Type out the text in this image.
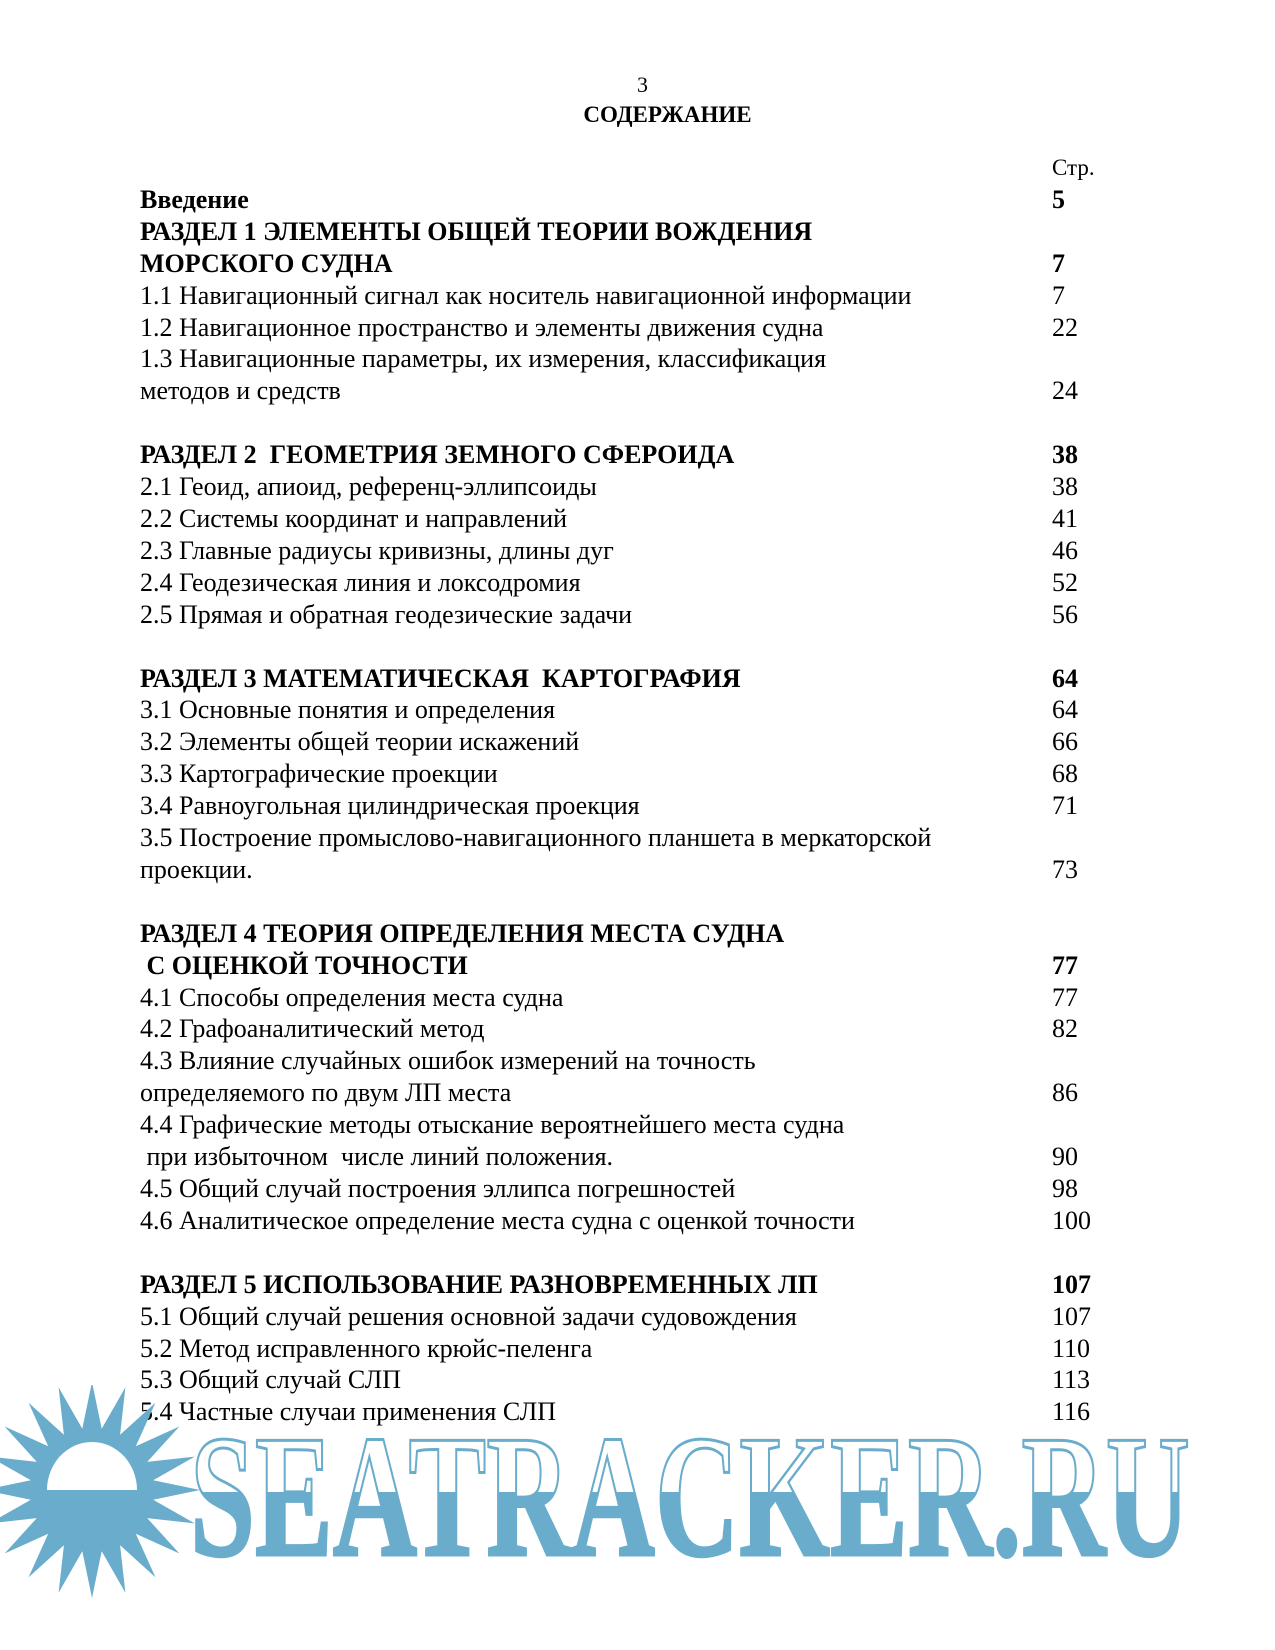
3
СОДЕРЖАНИЕ
Стр.
Введение	5
РАЗДЕЛ 1 ЭЛЕМЕНТЫ ОБЩЕЙ ТЕОРИИ ВОЖДЕНИЯ
МОРСКОГО СУДНА	7
1.1 Навигационный сигнал как носитель навигационной информации	7
1.2 Навигационное пространство и элементы движения судна	22
1.3 Навигационные параметры, их измерения, классификация
методов и средств	24
РАЗДЕЛ 2  ГЕОМЕТРИЯ ЗЕМНОГО СФЕРОИДА	38
2.1 Геоид, апиоид, референц-эллипсоиды	38
2.2 Системы координат и направлений	41
2.3 Главные радиусы кривизны, длины дуг	46
2.4 Геодезическая линия и локсодромия	52
2.5 Прямая и обратная геодезические задачи	56
РАЗДЕЛ 3 МАТЕМАТИЧЕСКАЯ  КАРТОГРАФИЯ	64
3.1 Основные понятия и определения	64
3.2 Элементы общей теории искажений	66
3.3 Картографические проекции	68
3.4 Равноугольная цилиндрическая проекция	71
3.5 Построение промыслово-навигационного планшета в меркаторской
проекции.	73
РАЗДЕЛ 4 ТЕОРИЯ ОПРЕДЕЛЕНИЯ МЕСТА СУДНА
С ОЦЕНКОЙ ТОЧНОСТИ	77
4.1 Способы определения места судна	77
4.2 Графоаналитический метод	82
4.3 Влияние случайных ошибок измерений на точность
определяемого по двум ЛП места	86
4.4 Графические методы отыскание вероятнейшего места судна
при избыточном  числе линий положения.	90
4.5 Общий случай построения эллипса погрешностей	98
4.6 Аналитическое определение места судна с оценкой точности	100
РАЗДЕЛ 5 ИСПОЛЬЗОВАНИЕ РАЗНОВРЕМЕННЫХ ЛП	107
5.1 Общий случай решения основной задачи судовождения	107
5.2 Метод исправленного крюйс-пеленга	110
5.3 Общий случай СЛП	113
5.4 Частные случаи применения СЛП	116
SEATRACKER.RU
